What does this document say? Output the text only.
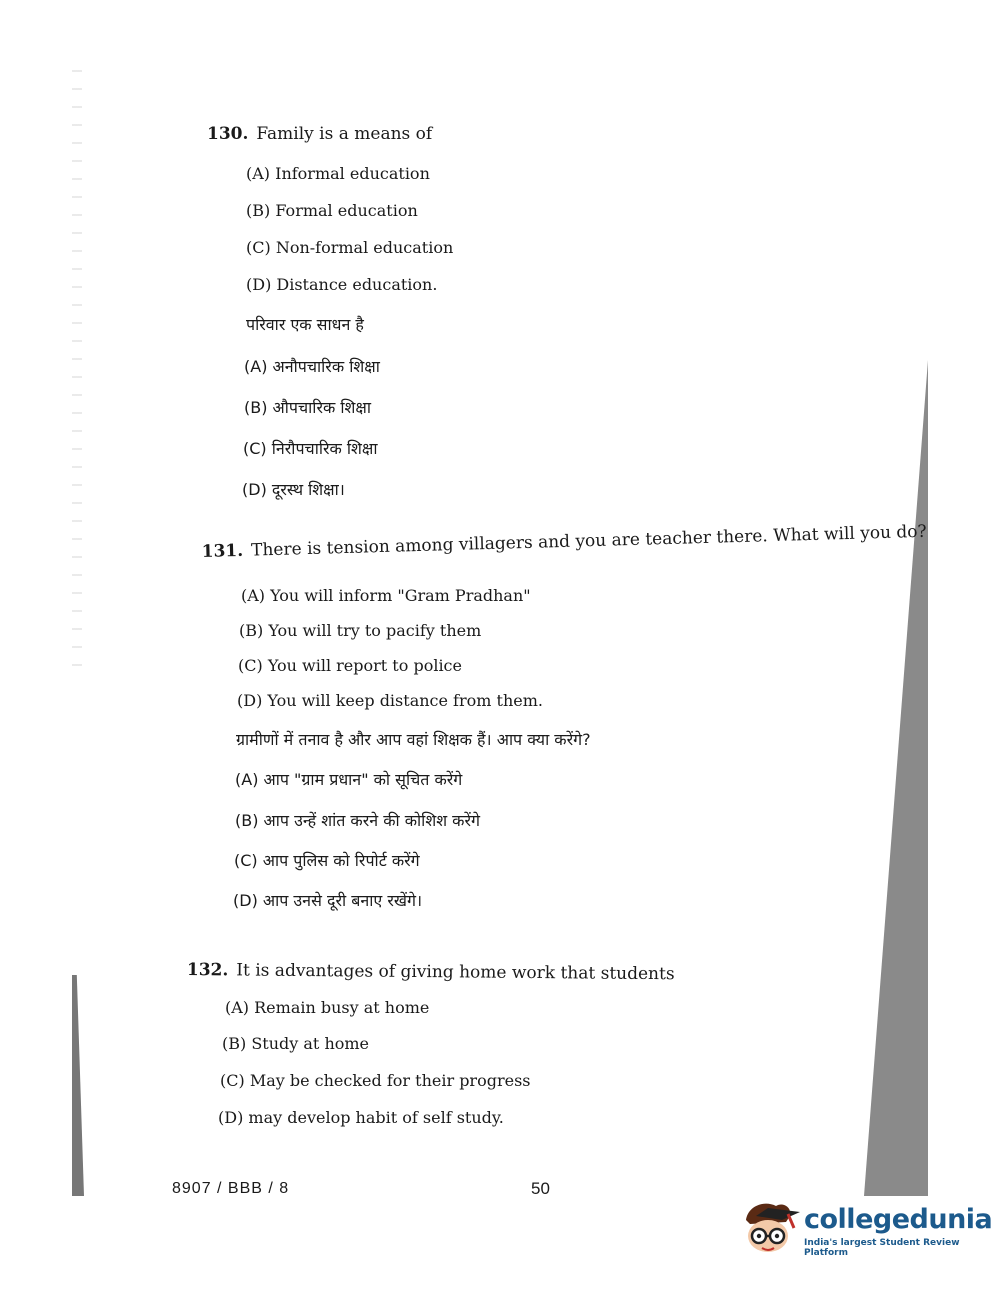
130. Family is a means of
(A) Informal education
(B) Formal education
(C) Non-formal education
(D) Distance education.
परिवार एक साधन है
(A) अनौपचारिक शिक्षा
(B) औपचारिक शिक्षा
(C) निरौपचारिक शिक्षा
(D) दूरस्थ शिक्षा।
131. There is tension among villagers and you are teacher there. What will you do?
(A) You will inform "Gram Pradhan"
(B) You will try to pacify them
(C) You will report to police
(D) You will keep distance from them.
ग्रामीणों में तनाव है और आप वहां शिक्षक हैं। आप क्या करेंगे?
(A) आप "ग्राम प्रधान" को सूचित करेंगे
(B) आप उन्हें शांत करने की कोशिश करेंगे
(C) आप पुलिस को रिपोर्ट करेंगे
(D) आप उनसे दूरी बनाए रखेंगे।
132. It is advantages of giving home work that students
(A) Remain busy at home
(B) Study at home
(C) May be checked for their progress
(D) may develop habit of self study.
8907 / BBB / 8	50
collegedunia
India's largest Student Review Platform
